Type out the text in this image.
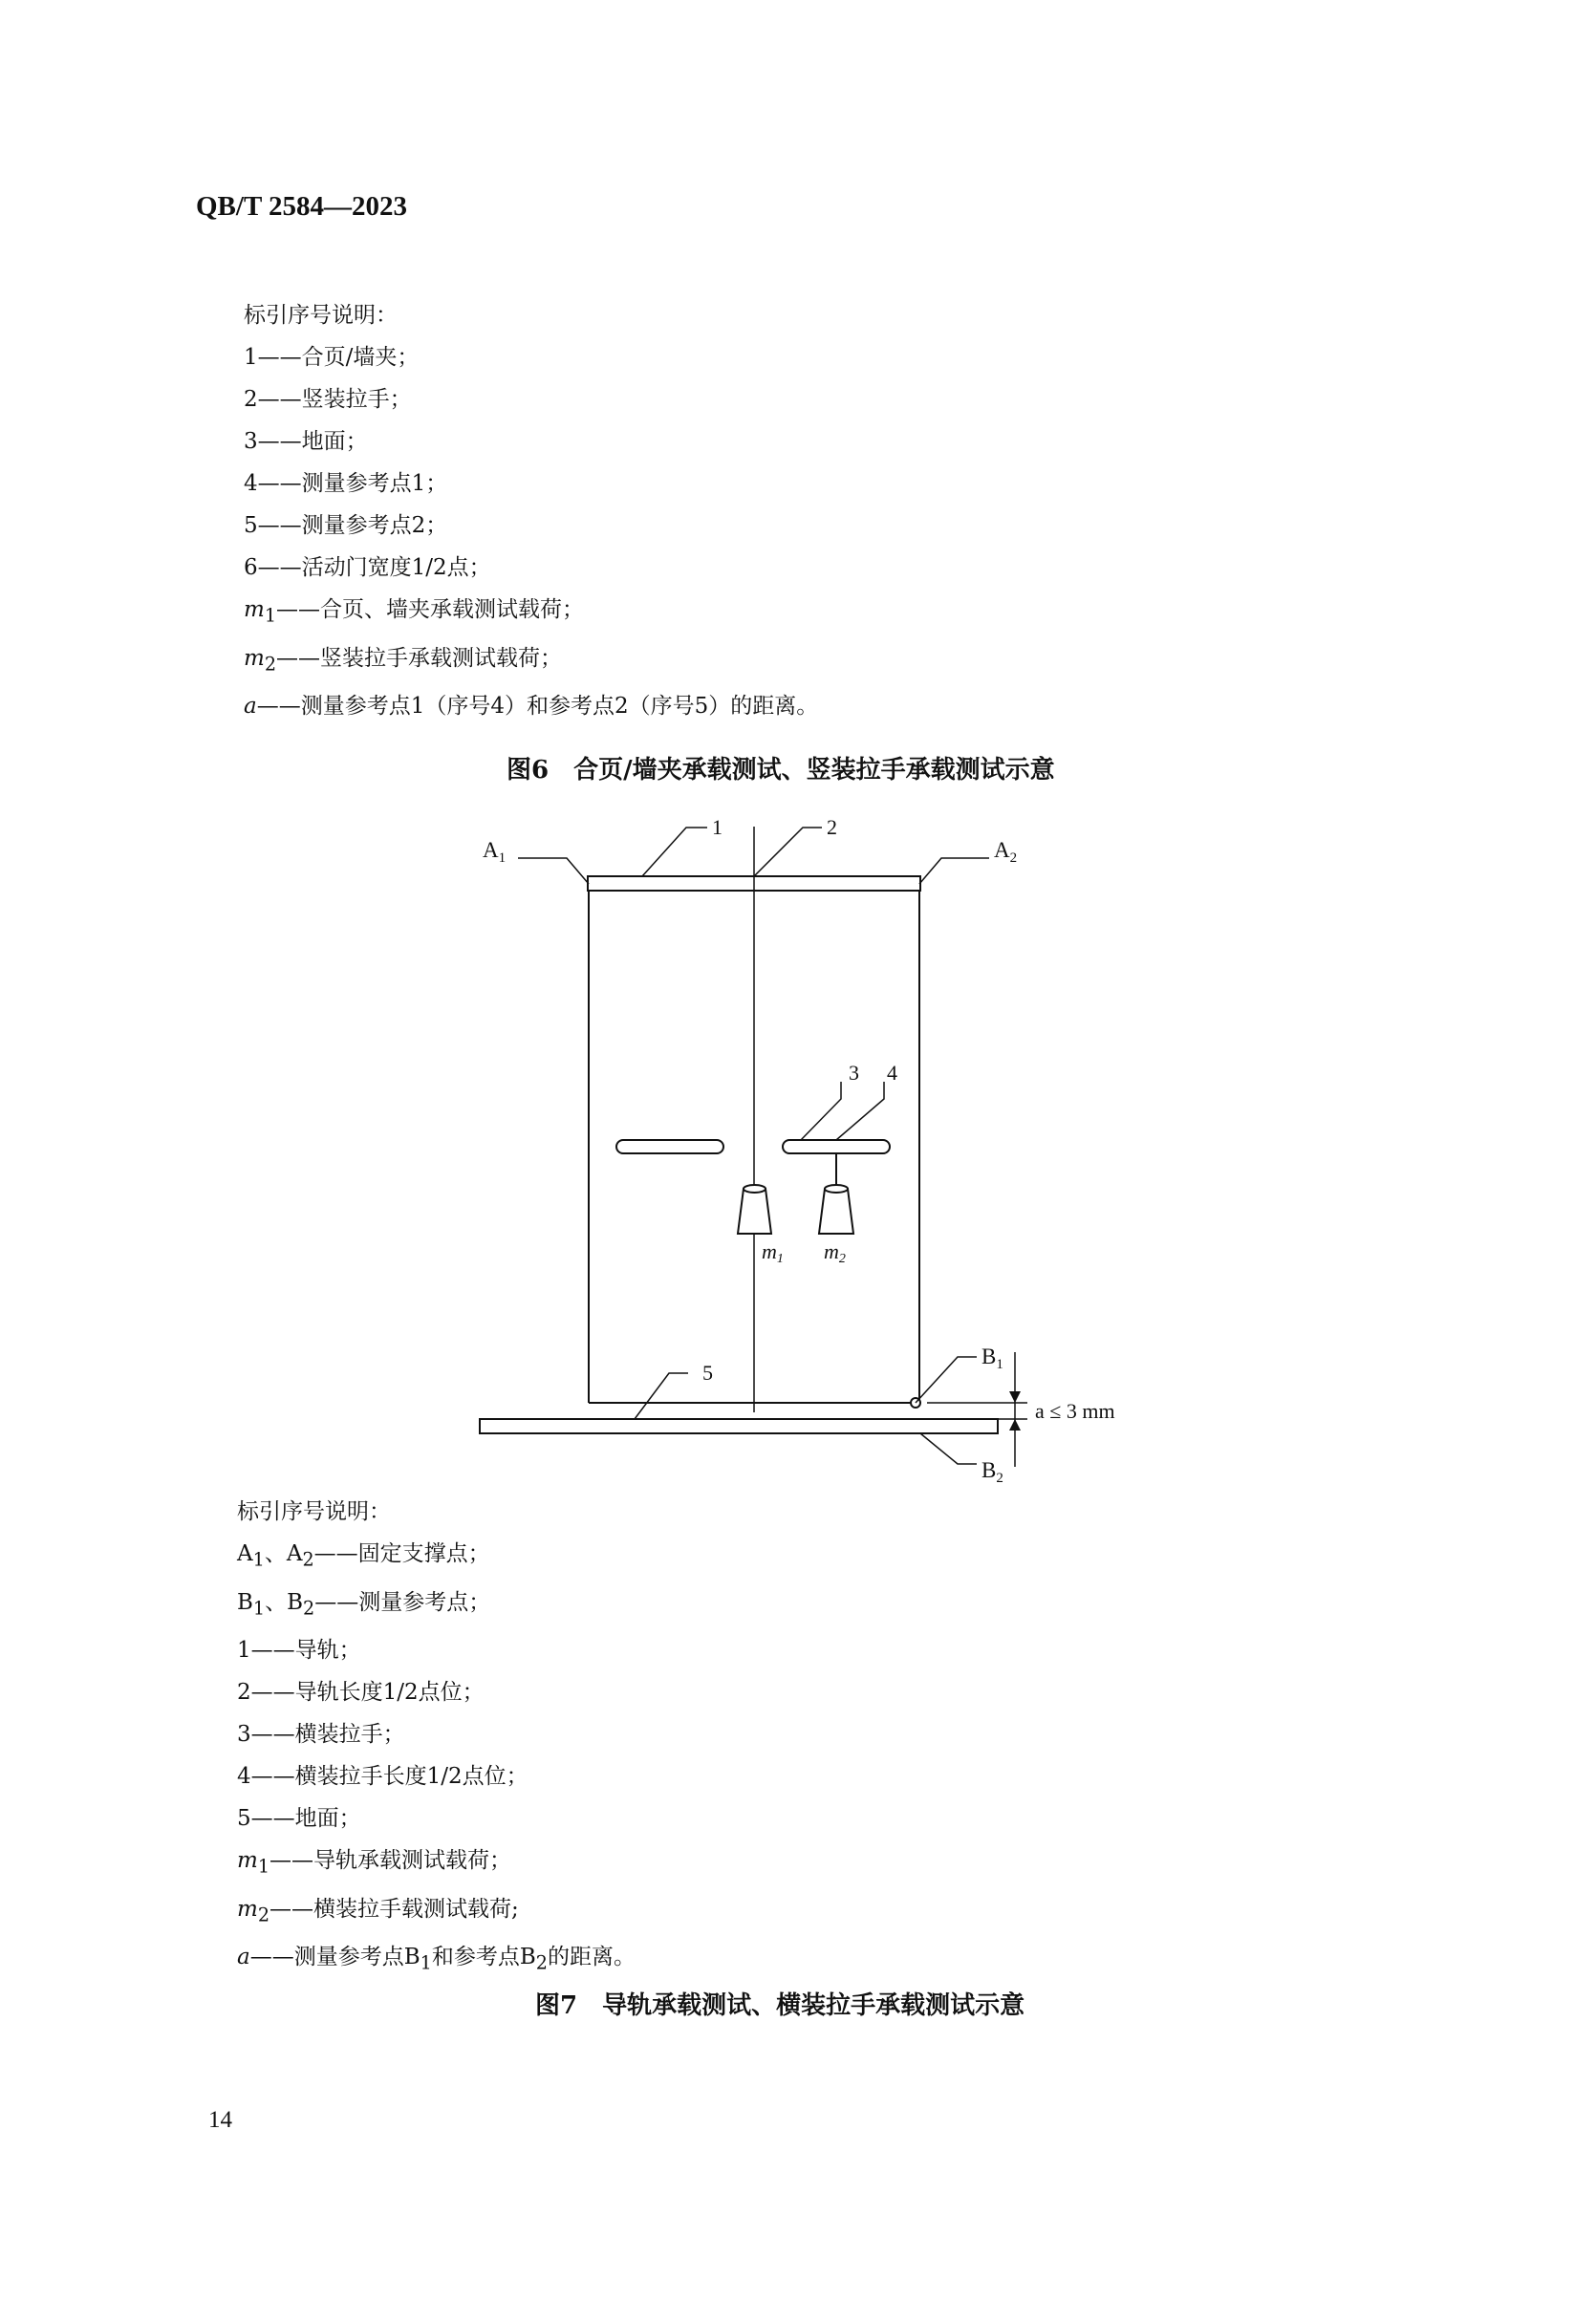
QB/T 2584—2023
标引序号说明：
1——合页/墙夹；
2——竖装拉手；
3——地面；
4——测量参考点1；
5——测量参考点2；
6——活动门宽度1/2点；
$m_1——$合页、墙夹承载测试载荷；
$m_2——$竖装拉手承载测试载荷；
a——测量参考点1（序号4）和参考点2（序号5）的距离。
图6　合页/墙夹承载测试、竖装拉手承载测试示意
$A_1$	$A_2$
1	2
3 4
5
$B_1$
$B_2$
m1 m2
a ≤ 3 mm
标引序号说明：
$A_1$、$A_2——$固定支撑点；
$B_1$、$B_2——$测量参考点；
1——导轨；
2——导轨长度1/2点位；
3——横装拉手；
4——横装拉手长度1/2点位；
5——地面；
$m_1——$导轨承载测试载荷；
$m_2——$横装拉手载测试载荷;
a——测量参考点$B_1$和参考点$B_2$的距离。
图7　导轨承载测试、横装拉手承载测试示意
14
